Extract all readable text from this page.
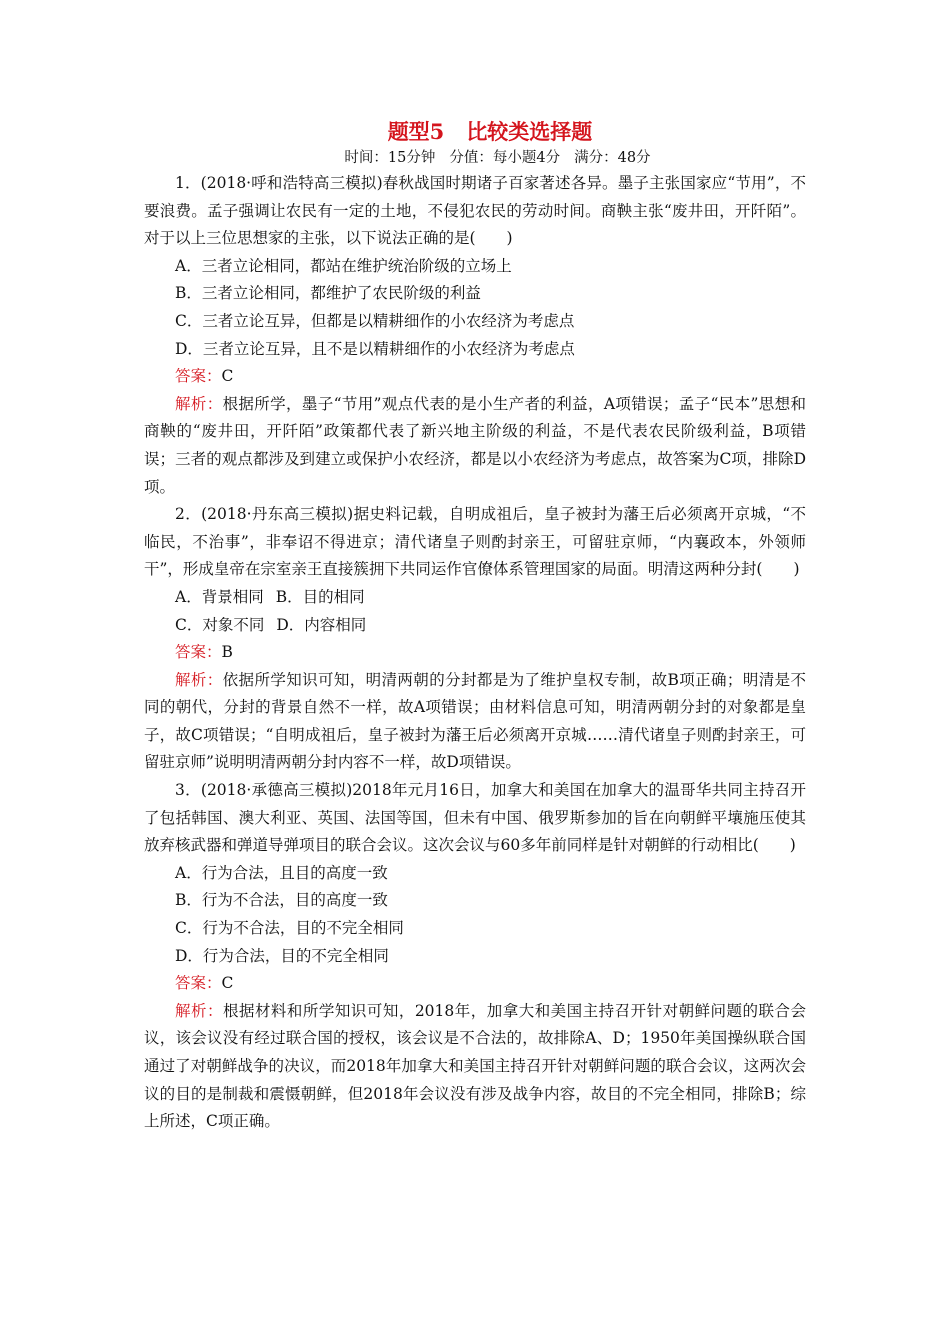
题型5 比较类选择题
时间：15分钟 分值：每小题4分 满分：48分

1．(2018·呼和浩特高三模拟)春秋战国时期诸子百家著述各异。墨子主张国家应“节用”，不要浪费。孟子强调让农民有一定的土地，不侵犯农民的劳动时间。商鞅主张“废井田，开阡陌”。对于以上三位思想家的主张，以下说法正确的是(　　)

A．三者立论相同，都站在维护统治阶级的立场上

B．三者立论相同，都维护了农民阶级的利益

C．三者立论互异，但都是以精耕细作的小农经济为考虑点

D．三者立论互异，且不是以精耕细作的小农经济为考虑点

答案：C

解析：根据所学，墨子“节用”观点代表的是小生产者的利益，A项错误；孟子“民本”思想和商鞅的“废井田，开阡陌”政策都代表了新兴地主阶级的利益，不是代表农民阶级利益，B项错误；三者的观点都涉及到建立或保护小农经济，都是以小农经济为考虑点，故答案为C项，排除D项。

2．(2018·丹东高三模拟)据史料记载，自明成祖后，皇子被封为藩王后必须离开京城，“不临民，不治事”，非奉诏不得进京；清代诸皇子则酌封亲王，可留驻京师，“内襄政本，外领师干”，形成皇帝在宗室亲王直接簇拥下共同运作官僚体系管理国家的局面。明清这两种分封(　　)

A．背景相同 B．目的相同

C．对象不同 D．内容相同

答案：B

解析：依据所学知识可知，明清两朝的分封都是为了维护皇权专制，故B项正确；明清是不同的朝代，分封的背景自然不一样，故A项错误；由材料信息可知，明清两朝分封的对象都是皇子，故C项错误；“自明成祖后，皇子被封为藩王后必须离开京城……清代诸皇子则酌封亲王，可留驻京师”说明明清两朝分封内容不一样，故D项错误。

3．(2018·承德高三模拟)2018年元月16日，加拿大和美国在加拿大的温哥华共同主持召开了包括韩国、澳大利亚、英国、法国等国，但未有中国、俄罗斯参加的旨在向朝鲜平壤施压使其放弃核武器和弹道导弹项目的联合会议。这次会议与60多年前同样是针对朝鲜的行动相比(　　)

A．行为合法，且目的高度一致

B．行为不合法，目的高度一致

C．行为不合法，目的不完全相同

D．行为合法，目的不完全相同

答案：C

解析：根据材料和所学知识可知，2018年，加拿大和美国主持召开针对朝鲜问题的联合会议，该会议没有经过联合国的授权，该会议是不合法的，故排除A、D；1950年美国操纵联合国通过了对朝鲜战争的决议，而2018年加拿大和美国主持召开针对朝鲜问题的联合会议，这两次会议的目的是制裁和震慑朝鲜，但2018年会议没有涉及战争内容，故目的不完全相同，排除B；综上所述，C项正确。
